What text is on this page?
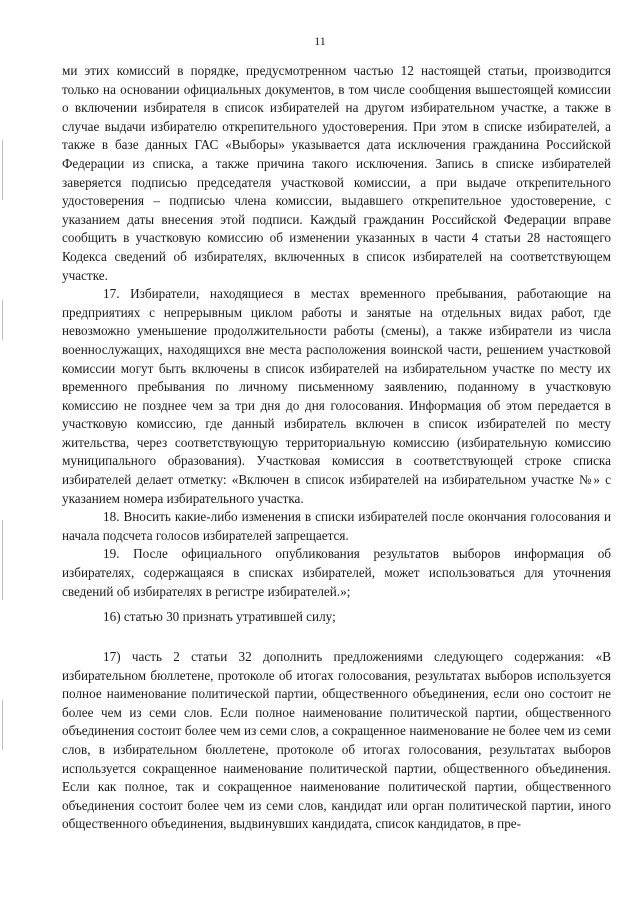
11

ми этих комиссий в порядке, предусмотренном частью 12 настоящей статьи, производится только на основании официальных документов, в том числе сообщения вышестоящей комиссии о включении избирателя в список избирателей на другом избирательном участке, а также в случае выдачи избирателю открепительного удостоверения. При этом в списке избирателей, а также в базе данных ГАС «Выборы» указывается дата исключения гражданина Российской Федерации из списка, а также причина такого исключения. Запись в списке избирателей заверяется подписью председателя участковой комиссии, а при выдаче открепительного удостоверения – подписью члена комиссии, выдавшего открепительное удостоверение, с указанием даты внесения этой подписи. Каждый гражданин Российской Федерации вправе сообщить в участковую комиссию об изменении указанных в части 4 статьи 28 настоящего Кодекса сведений об избирателях, включенных в список избирателей на соответствующем участке.

17. Избиратели, находящиеся в местах временного пребывания, работающие на предприятиях с непрерывным циклом работы и занятые на отдельных видах работ, где невозможно уменьшение продолжительности работы (смены), а также избиратели из числа военнослужащих, находящихся вне места расположения воинской части, решением участковой комиссии могут быть включены в список избирателей на избирательном участке по месту их временного пребывания по личному письменному заявлению, поданному в участковую комиссию не позднее чем за три дня до дня голосования. Информация об этом передается в участковую комиссию, где данный избиратель включен в список избирателей по месту жительства, через соответствующую территориальную комиссию (избирательную комиссию муниципального образования). Участковая комиссия в соответствующей строке списка избирателей делает отметку: «Включен в список избирателей на избирательном участке №» с указанием номера избирательного участка.

18. Вносить какие-либо изменения в списки избирателей после окончания голосования и начала подсчета голосов избирателей запрещается.

19. После официального опубликования результатов выборов информация об избирателях, содержащаяся в списках избирателей, может использоваться для уточнения сведений об избирателях в регистре избирателей.»;

16) статью 30 признать утратившей силу;

17) часть 2 статьи 32 дополнить предложениями следующего содержания: «В избирательном бюллетене, протоколе об итогах голосования, результатах выборов используется полное наименование политической партии, общественного объединения, если оно состоит не более чем из семи слов. Если полное наименование политической партии, общественного объединения состоит более чем из семи слов, а сокращенное наименование не более чем из семи слов, в избирательном бюллетене, протоколе об итогах голосования, результатах выборов используется сокращенное наименование политической партии, общественного объединения. Если как полное, так и сокращенное наименование политической партии, общественного объединения состоит более чем из семи слов, кандидат или орган политической партии, иного общественного объединения, выдвинувших кандидата, список кандидатов, в пре-
